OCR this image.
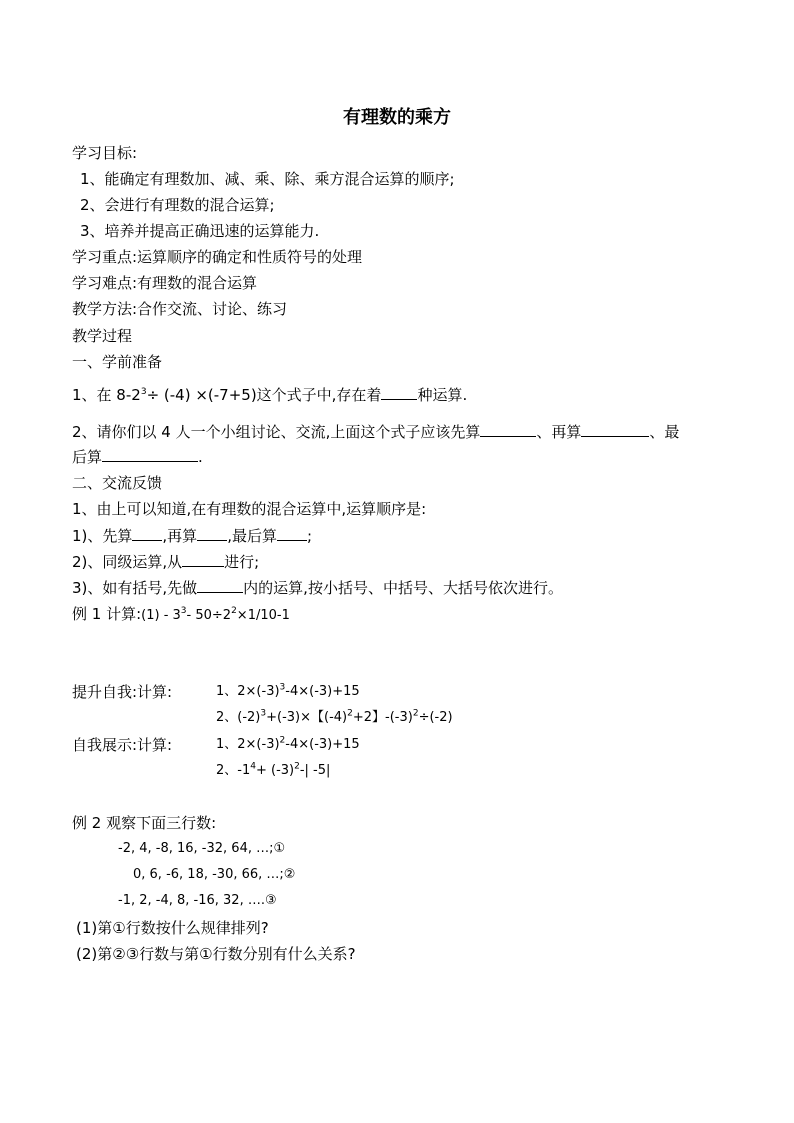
有理数的乘方
学习目标:
1、能确定有理数加、减、乘、除、乘方混合运算的顺序;
2、会进行有理数的混合运算;
3、培养并提高正确迅速的运算能力.
学习重点:运算顺序的确定和性质符号的处理
学习难点:有理数的混合运算
教学方法:合作交流、讨论、练习
教学过程
一、学前准备
1、在 $8-2^3\div (-4) \times(-7+5)$这个式子中,存在着 种运算.
2、请你们以 4 人一个小组讨论、交流,上面这个式子应该先算	、再算	、最
后算	.
二、交流反馈
1、由上可以知道,在有理数的混合运算中,运算顺序是:
1)、先算 ,再算 ,最后算 ;
2)、同级运算,从	进行;
3)、如有括号,先做	内的运算,按小括号、中括号、大括号依次进行。
例 1 计算:(1) - $3^3-$ $50\div 2^2\times 1/10-1$
提升自我:计算:	1、$2\times(-3)^3-4\times(-3)+15$
2、$(-2)^3+(-3)\times$【$(-4)^2+2$】$-(-3)^2\div(-2)$
自我展示:计算:	1、$2\times(-3)^2-4\times(-3)+15$
2、$-1^4+ (-3)^2-|$ -5|
例 2 观察下面三行数:
-2, 4, -8, 16, -32, 64, …;①
0, 6, -6, 18, -30, 66, …;②
-1, 2, -4, 8, -16, 32, ….③
(1)第①行数按什么规律排列?
(2)第②③行数与第①行数分别有什么关系?
